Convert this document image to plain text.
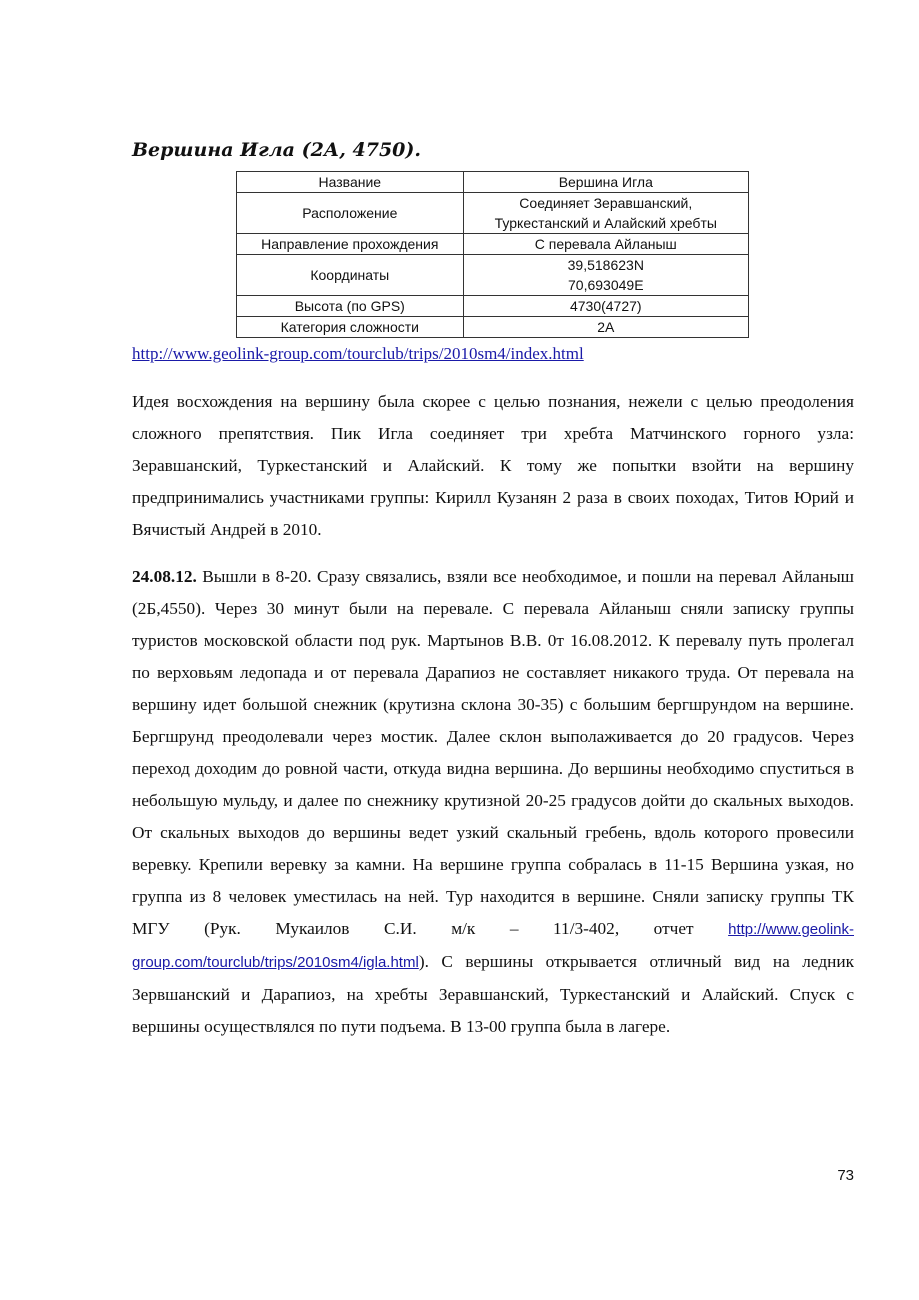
Вершина Игла (2А, 4750).
Название	Вершина Игла

Расположение	Соединяет Зеравшанский,
Туркестанский и Алайский хребты

Направление прохождения	С перевала Айланыш

Координаты	39,518623N
70,693049E

Высота (по GPS)	4730(4727)

Категория сложности	2А
http://www.geolink-group.com/tourclub/trips/2010sm4/index.html

Идея восхождения на вершину была скорее с целью познания, нежели с целью преодоления сложного препятствия. Пик Игла соединяет три хребта Матчинского горного узла: Зеравшанский, Туркестанский и Алайский. К тому же попытки взойти на вершину предпринимались участниками группы: Кирилл Кузанян 2 раза в своих походах, Титов Юрий и Вячистый Андрей в 2010.

24.08.12. Вышли в 8-20. Сразу связались, взяли все необходимое, и пошли на перевал Айланыш (2Б,4550). Через 30 минут были на перевале. С перевала Айланыш сняли записку группы туристов московской области под рук. Мартынов В.В. 0т 16.08.2012. К перевалу путь пролегал по верховьям ледопада и от перевала Дарапиоз не составляет никакого труда. От перевала на вершину идет большой снежник (крутизна склона 30-35) с большим бергшрундом на вершине. Бергшрунд преодолевали через мостик. Далее склон выполаживается до 20 градусов. Через переход доходим до ровной части, откуда видна вершина. До вершины необходимо спуститься в небольшую мульду, и далее по снежнику крутизной 20-25 градусов дойти до скальных выходов. От скальных выходов до вершины ведет узкий скальный гребень, вдоль которого провесили веревку. Крепили веревку за камни. На вершине группа собралась в 11-15 Вершина узкая, но группа из 8 человек уместилась на ней. Тур находится в вершине. Сняли записку группы ТК МГУ (Рук. Мукаилов С.И. м/к – 11/3-402, отчет http://www.geolink-group.com/tourclub/trips/2010sm4/igla.html). С вершины открывается отличный вид на ледник Зервшанский и Дарапиоз, на хребты Зеравшанский, Туркестанский и Алайский. Спуск с вершины осуществлялся по пути подъема. В 13-00 группа была в лагере.

73
